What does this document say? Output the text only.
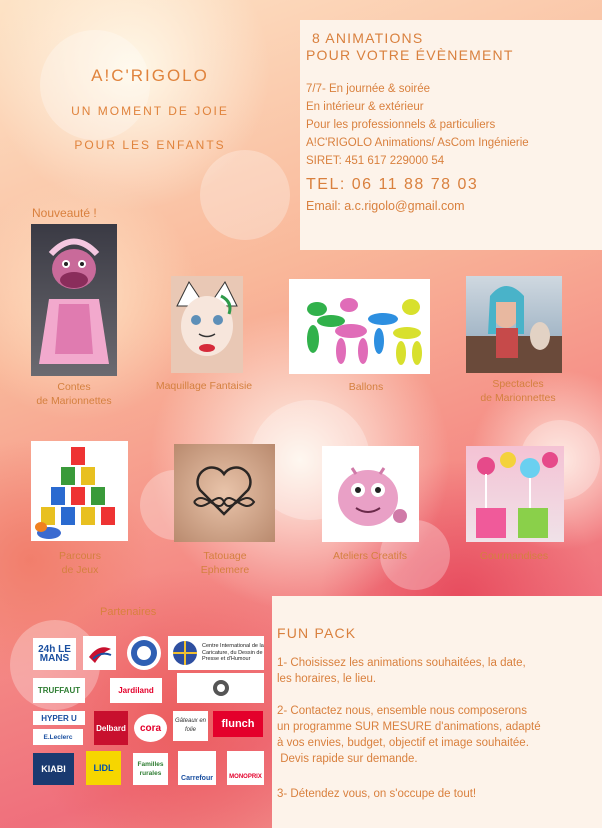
A!C'RIGOLO
UN MOMENT DE JOIE
POUR LES ENFANTS
8 ANIMATIONS
POUR VOTRE ÉVÈNEMENT
7/7- En journée & soirée
En intérieur & extérieur
Pour les professionnels & particuliers
A!C'RIGOLO Animations/ AsCom Ingénierie
SIRET: 451 617 229000 54
TEL: 06 11 88 78 03
Email: a.c.rigolo@gmail.com
Nouveauté !
Contes
de Marionnettes
Maquillage Fantaisie	Ballons	Spectacles
de Marionnettes
Parcours
de Jeux
Tatouage
Ephemere
Ateliers Creatifs	Gourmandises
Partenaires
24h LE MANS
Centre International de la Caricature, du Dessin de Presse et d'Humour
TRUFFAUT	Jardiland
HYPER U
Delbard	cora
Gâteaux en folie
flunch
E.Leclerc
KIABI	LIDL	Familles rurales
Carrefour	MONOPRIX
FUN PACK
1- Choisissez les animations souhaitées, la date,
les horaires, le lieu.
2- Contactez nous, ensemble nous composerons
un programme SUR MESURE d'animations, adapté
à vos envies, budget, objectif et image souhaitée.
Devis rapide sur demande.
3- Détendez vous, on s'occupe de tout!
